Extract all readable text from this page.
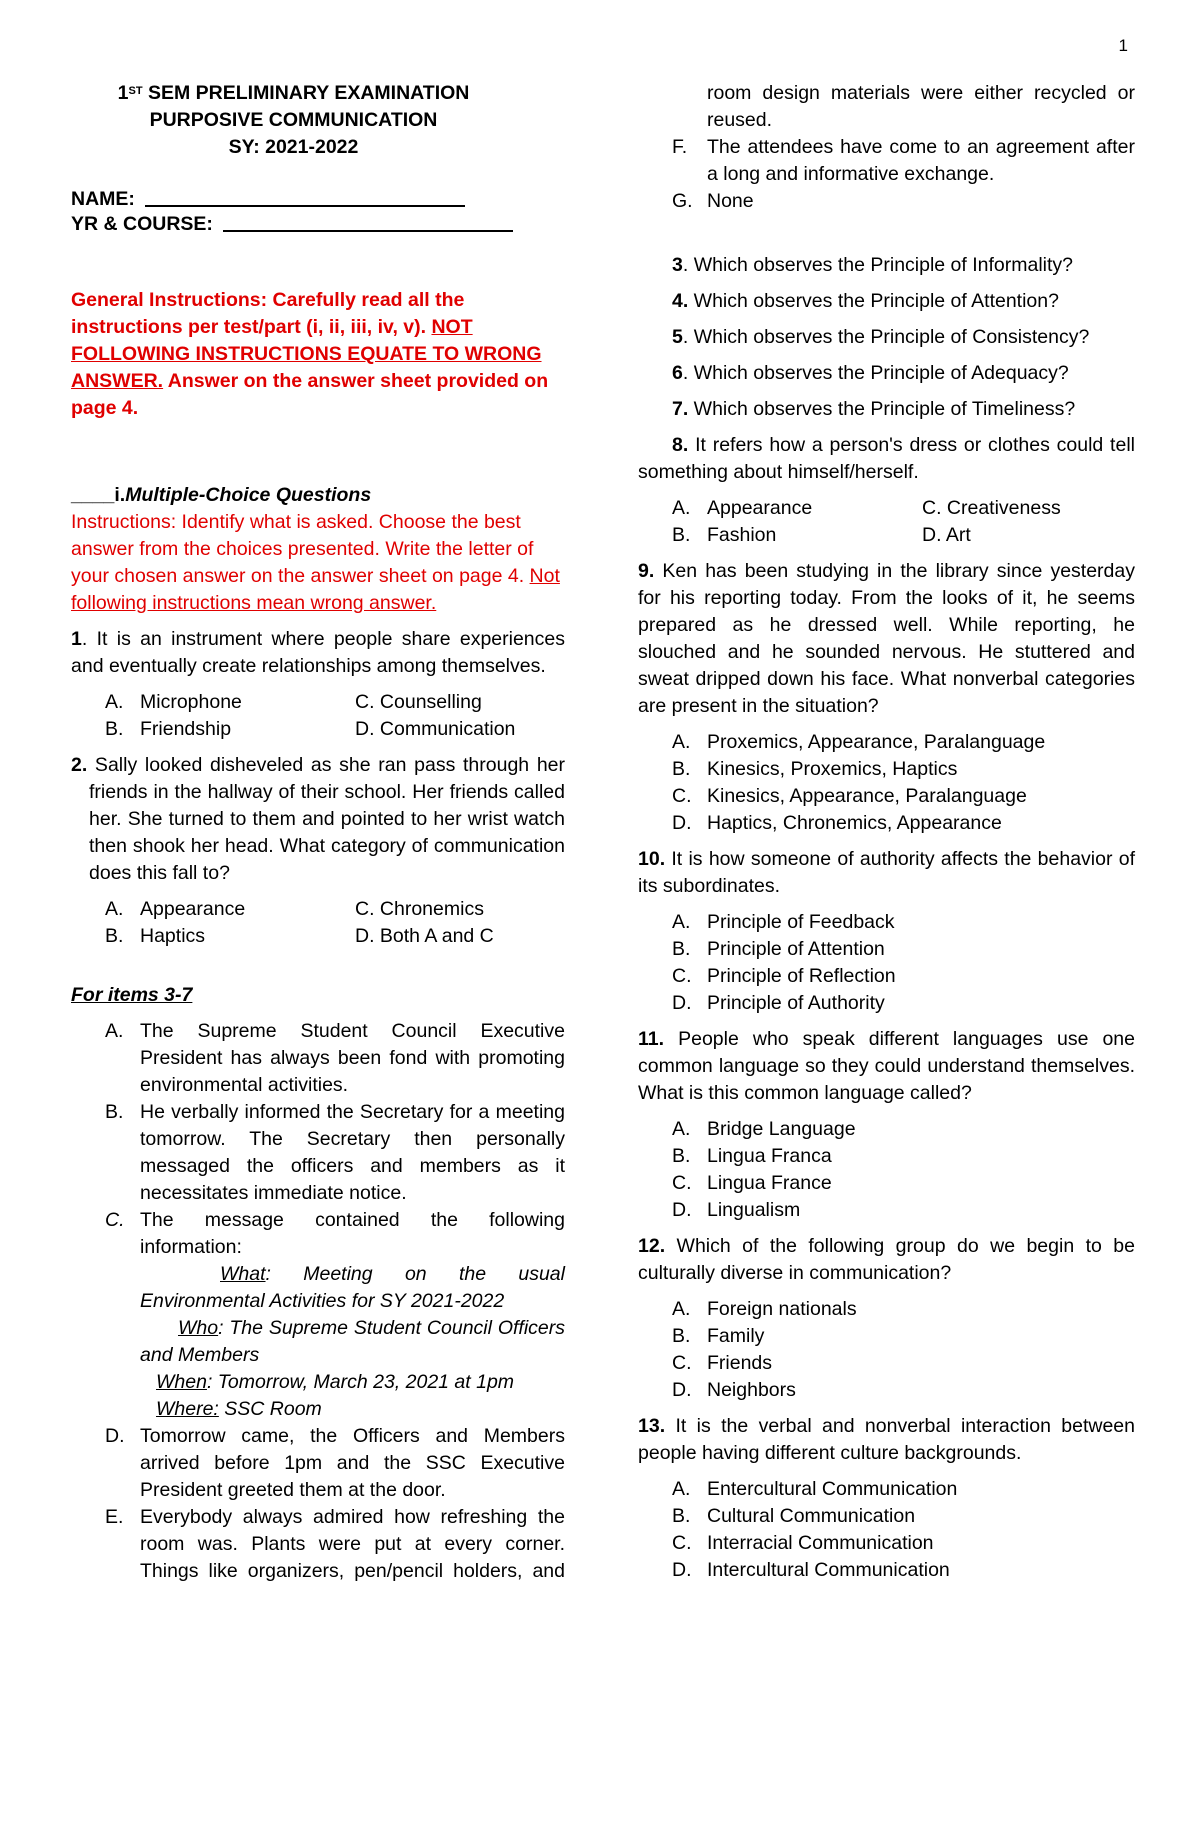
1
1ST SEM PRELIMINARY EXAMINATION
PURPOSIVE COMMUNICATION
SY: 2021-2022
NAME:
YR & COURSE:
General Instructions: Carefully read all the instructions per test/part (i, ii, iii, iv, v). NOT FOLLOWING INSTRUCTIONS EQUATE TO WRONG ANSWER. Answer on the answer sheet provided on page 4.
____i.Multiple-Choice Questions
Instructions: Identify what is asked. Choose the best answer from the choices presented. Write the letter of your chosen answer on the answer sheet on page 4. Not following instructions mean wrong answer.
1. It is an instrument where people share experiences and eventually create relationships among themselves.
A. Microphone	C. Counselling
B. Friendship	D. Communication
2. Sally looked disheveled as she ran pass through her friends in the hallway of their school. Her friends called her. She turned to them and pointed to her wrist watch then shook her head. What category of communication does this fall to?
A. Appearance	C. Chronemics
B. Haptics	D. Both A and C
For items 3-7
A. The Supreme Student Council Executive President has always been fond with promoting environmental activities.
B. He verbally informed the Secretary for a meeting tomorrow. The Secretary then personally messaged the officers and members as it necessitates immediate notice.
C. The message contained the following information:
What: Meeting on the usual Environmental Activities for SY 2021-2022
Who: The Supreme Student Council Officers and Members
When: Tomorrow, March 23, 2021 at 1pm
Where: SSC Room
D. Tomorrow came, the Officers and Members arrived before 1pm and the SSC Executive President greeted them at the door.
E. Everybody always admired how refreshing the room was. Plants were put at every corner. Things like organizers, pen/pencil holders, and
room design materials were either recycled or reused.
F.	The attendees have come to an agreement after a long and informative exchange.
G. None
3. Which observes the Principle of Informality?
4. Which observes the Principle of Attention?
5. Which observes the Principle of Consistency?
6. Which observes the Principle of Adequacy?
7. Which observes the Principle of Timeliness?
8. It refers how a person's dress or clothes could tell something about himself/herself.
A. Appearance	C. Creativeness
B. Fashion	D. Art
9. Ken has been studying in the library since yesterday for his reporting today. From the looks of it, he seems prepared as he dressed well. While reporting, he slouched and he sounded nervous. He stuttered and sweat dripped down his face. What nonverbal categories are present in the situation?
A. Proxemics, Appearance, Paralanguage
B. Kinesics, Proxemics, Haptics
C. Kinesics, Appearance, Paralanguage
D. Haptics, Chronemics, Appearance
10. It is how someone of authority affects the behavior of its subordinates.
A. Principle of Feedback
B. Principle of Attention
C. Principle of Reflection
D. Principle of Authority
11. People who speak different languages use one common language so they could understand themselves. What is this common language called?
A. Bridge Language
B. Lingua Franca
C. Lingua France
D. Lingualism
12. Which of the following group do we begin to be culturally diverse in communication?
A. Foreign nationals
B. Family
C. Friends
D. Neighbors
13. It is the verbal and nonverbal interaction between people having different culture backgrounds.
A. Entercultural Communication
B. Cultural Communication
C. Interracial Communication
D. Intercultural Communication
